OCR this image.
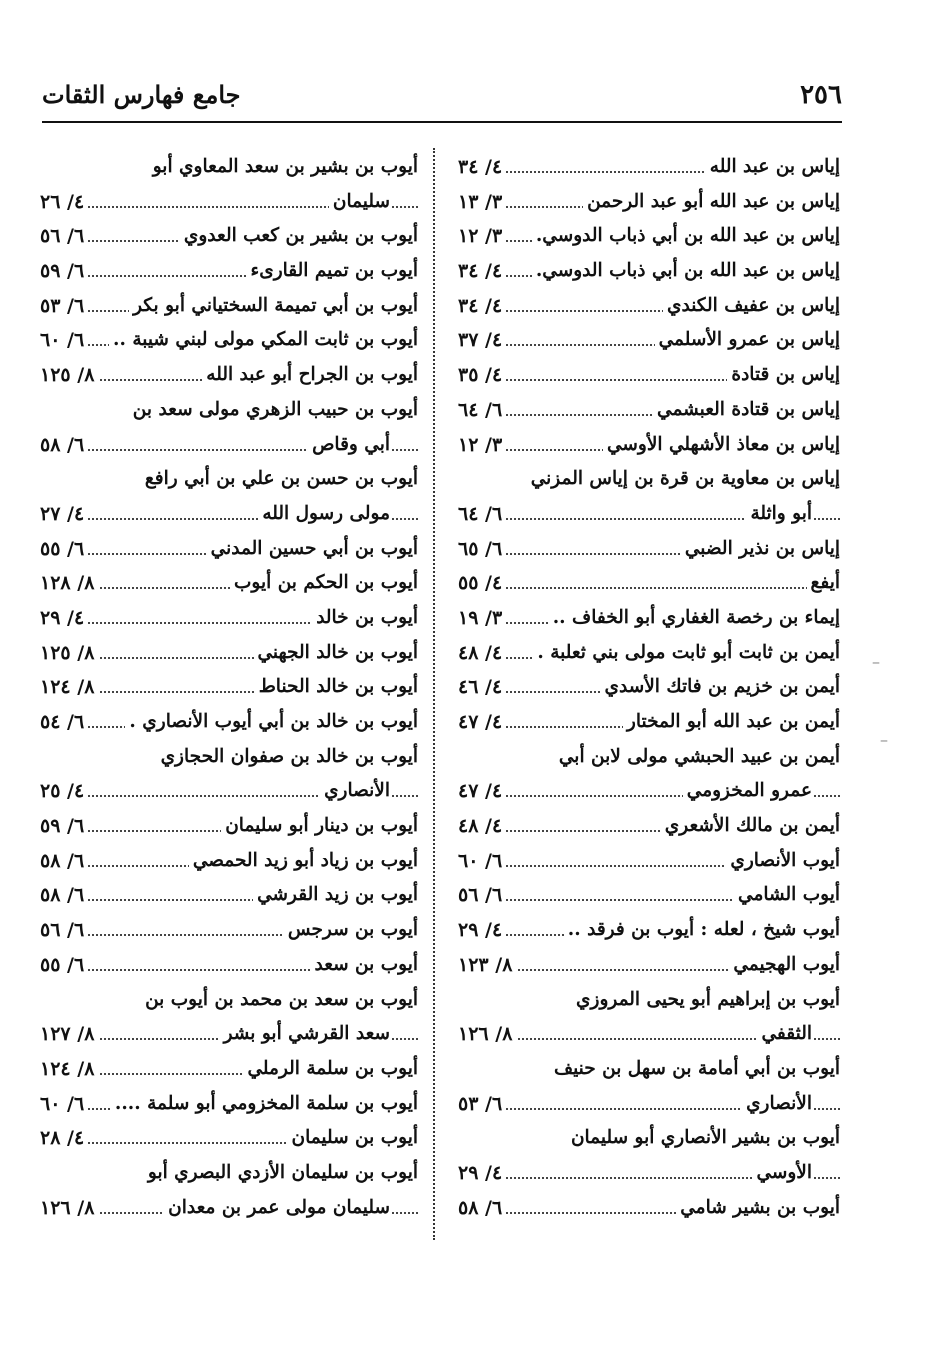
٢٥٦
جامع فهارس الثقات
إياس بن عبد الله
٤/ ٣٤
إياس بن عبد الله أبو عبد الرحمن
٣/ ١٣
إياس بن عبد الله بن أبي ذباب الدوسي.
٣/ ١٢
إياس بن عبد الله بن أبي ذباب الدوسي.
٤/ ٣٤
إياس بن عفيف الكندي
٤/ ٣٤
إياس بن عمرو الأسلمي
٤/ ٣٧
إياس بن قتادة
٤/ ٣٥
إياس بن قتادة العبشمي
٦/ ٦٤
إياس بن معاذ الأشهلي الأوسي
٣/ ١٢
إياس بن معاوية بن قرة بن إياس المزني
أبو واثلة
٦/ ٦٤
إياس بن نذير الضبي
٦/ ٦٥
أيفع
٤/ ٥٥
إيماء بن رخصة الغفاري أبو الخفاف ..
٣/ ١٩
أيمن بن ثابت أبو ثابت مولى بني ثعلبة .
٤/ ٤٨
أيمن بن خزيم بن فاتك الأسدي
٤/ ٤٦
أيمن بن عبد الله أبو المختار
٤/ ٤٧
أيمن بن عبيد الحبشي مولى لابن أبي
عمرو المخزومي
٤/ ٤٧
أيمن بن مالك الأشعري
٤/ ٤٨
أيوب الأنصاري
٦/ ٦٠
أيوب الشامي
٦/ ٥٦
أيوب شيخ ، لعله : أيوب بن فرقد ..
٤/ ٢٩
أيوب الهجيمي
٨/ ١٢٣
أيوب بن إبراهيم أبو يحيى المروزي
الثقفي
٨/ ١٢٦
أيوب بن أبي أمامة بن سهل بن حنيف
الأنصاري
٦/ ٥٣
أيوب بن بشير الأنصاري أبو سليمان
الأوسي
٤/ ٢٩
أيوب بن بشير شامي
٦/ ٥٨
أيوب بن بشير بن سعد المعاوي أبو
سليمان
٤/ ٢٦
أيوب بن بشير بن كعب العدوي
٦/ ٥٦
أيوب بن تميم القارىء
٦/ ٥٩
أيوب بن أبي تميمة السختياني أبو بكر
٦/ ٥٣
أيوب بن ثابت المكي مولى لبني شيبة ..
٦/ ٦٠
أيوب بن الجراح أبو عبد الله
٨/ ١٢٥
أيوب بن حبيب الزهري مولى سعد بن
أبي وقاص
٦/ ٥٨
أيوب بن حسن بن علي بن أبي رافع
مولى رسول الله
٤/ ٢٧
أيوب بن أبي حسين المدني
٦/ ٥٥
أيوب بن الحكم بن أيوب
٨/ ١٢٨
أيوب بن خالد
٤/ ٢٩
أيوب بن خالد الجهني
٨/ ١٢٥
أيوب بن خالد الحناط
٨/ ١٢٤
أيوب بن خالد بن أبي أيوب الأنصاري .
٦/ ٥٤
أيوب بن خالد بن صفوان الحجازي
الأنصاري
٤/ ٢٥
أيوب بن دينار أبو سليمان
٦/ ٥٩
أيوب بن زياد أبو زيد الحمصي
٦/ ٥٨
أيوب بن زيد القرشي
٦/ ٥٨
أيوب بن سرجس
٦/ ٥٦
أيوب بن سعد
٦/ ٥٥
أيوب بن سعد بن محمد بن أيوب بن
سعد القرشي أبو بشر
٨/ ١٢٧
أيوب بن سلمة الرملي
٨/ ١٢٤
أيوب بن سلمة المخزومي أبو سلمة ....
٦/ ٦٠
أيوب بن سليمان
٤/ ٢٨
أيوب بن سليمان الأزدي البصري أبو
سليمان مولى عمر بن معدان
٨/ ١٢٦
–
–
